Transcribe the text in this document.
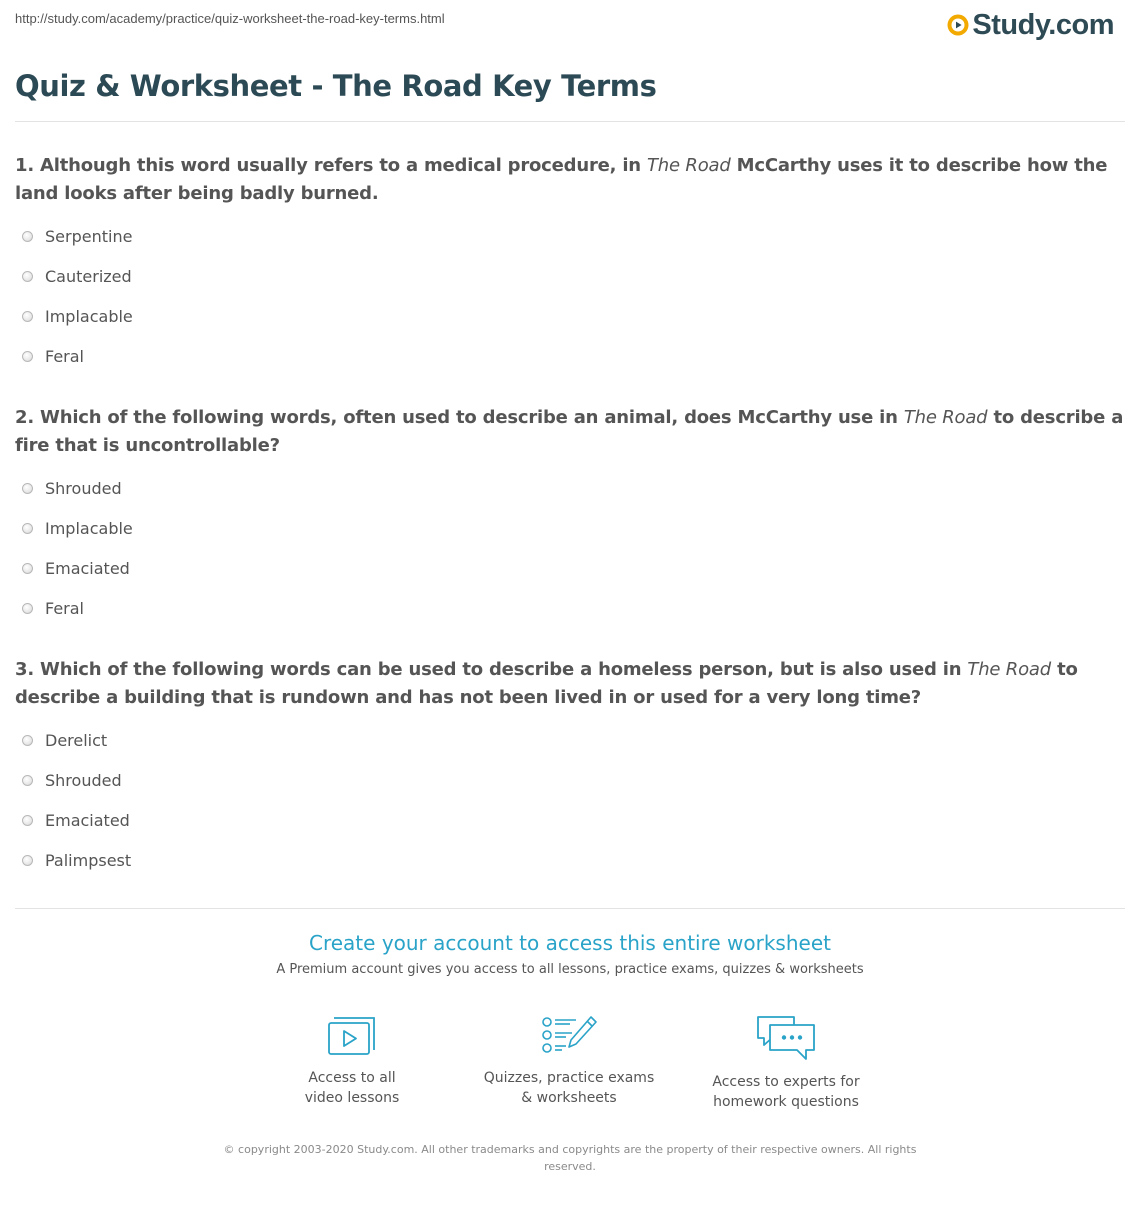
http://study.com/academy/practice/quiz-worksheet-the-road-key-terms.html	Study.com
Quiz & Worksheet - The Road Key Terms

1. Although this word usually refers to a medical procedure, in The Road McCarthy uses it to describe how the land looks after being badly burned.

Serpentine
Cauterized
Implacable
Feral

2. Which of the following words, often used to describe an animal, does McCarthy use in The Road to describe a fire that is uncontrollable?

Shrouded
Implacable
Emaciated
Feral

3. Which of the following words can be used to describe a homeless person, but is also used in The Road to describe a building that is rundown and has not been lived in or used for a very long time?

Derelict
Shrouded
Emaciated
Palimpsest
Create your account to access this entire worksheet
A Premium account gives you access to all lessons, practice exams, quizzes & worksheets
Access to all
video lessons
Quizzes, practice exams
& worksheets
Access to experts for
homework questions
© copyright 2003-2020 Study.com. All other trademarks and copyrights are the property of their respective owners. All rights reserved.
